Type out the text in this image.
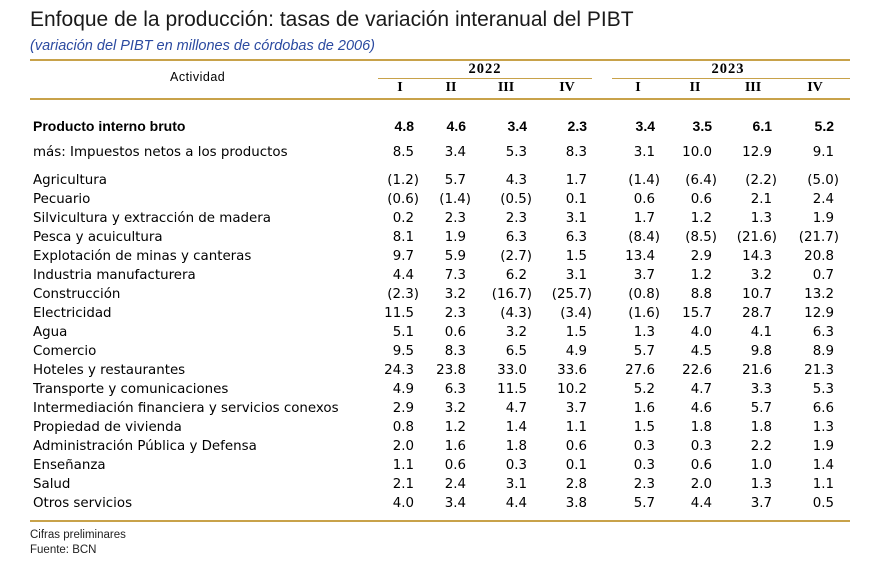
Enfoque de la producción: tasas de variación interanual del PIBT
(variación del PIBT en millones de córdobas de 2006)
Actividad	2022	2023
I	II	III	IV	I	II	III	IV
Producto interno bruto	4.8	4.6	3.4	2.3	3.4	3.5	6.1	5.2
más: Impuestos netos a los productos	8.5	3.4	5.3	8.3	3.1	10.0	12.9	9.1
Agricultura	(1.2)	5.7	4.3	1.7	(1.4)	(6.4)	(2.2)	(5.0)
Pecuario	(0.6)	(1.4)	(0.5)	0.1	0.6	0.6	2.1	2.4
Silvicultura y extracción de madera	0.2	2.3	2.3	3.1	1.7	1.2	1.3	1.9
Pesca y acuicultura	8.1	1.9	6.3	6.3	(8.4)	(8.5)	(21.6)	(21.7)
Explotación de minas y canteras	9.7	5.9	(2.7)	1.5	13.4	2.9	14.3	20.8
Industria manufacturera	4.4	7.3	6.2	3.1	3.7	1.2	3.2	0.7
Construcción	(2.3)	3.2	(16.7)	(25.7)	(0.8)	8.8	10.7	13.2
Electricidad	11.5	2.3	(4.3)	(3.4)	(1.6)	15.7	28.7	12.9
Agua	5.1	0.6	3.2	1.5	1.3	4.0	4.1	6.3
Comercio	9.5	8.3	6.5	4.9	5.7	4.5	9.8	8.9
Hoteles y restaurantes	24.3	23.8	33.0	33.6	27.6	22.6	21.6	21.3
Transporte y comunicaciones	4.9	6.3	11.5	10.2	5.2	4.7	3.3	5.3
Intermediación financiera y servicios conexos	2.9	3.2	4.7	3.7	1.6	4.6	5.7	6.6
Propiedad de vivienda	0.8	1.2	1.4	1.1	1.5	1.8	1.8	1.3
Administración Pública y Defensa	2.0	1.6	1.8	0.6	0.3	0.3	2.2	1.9
Enseñanza	1.1	0.6	0.3	0.1	0.3	0.6	1.0	1.4
Salud	2.1	2.4	3.1	2.8	2.3	2.0	1.3	1.1
Otros servicios	4.0	3.4	4.4	3.8	5.7	4.4	3.7	0.5
Cifras preliminares
Fuente: BCN
